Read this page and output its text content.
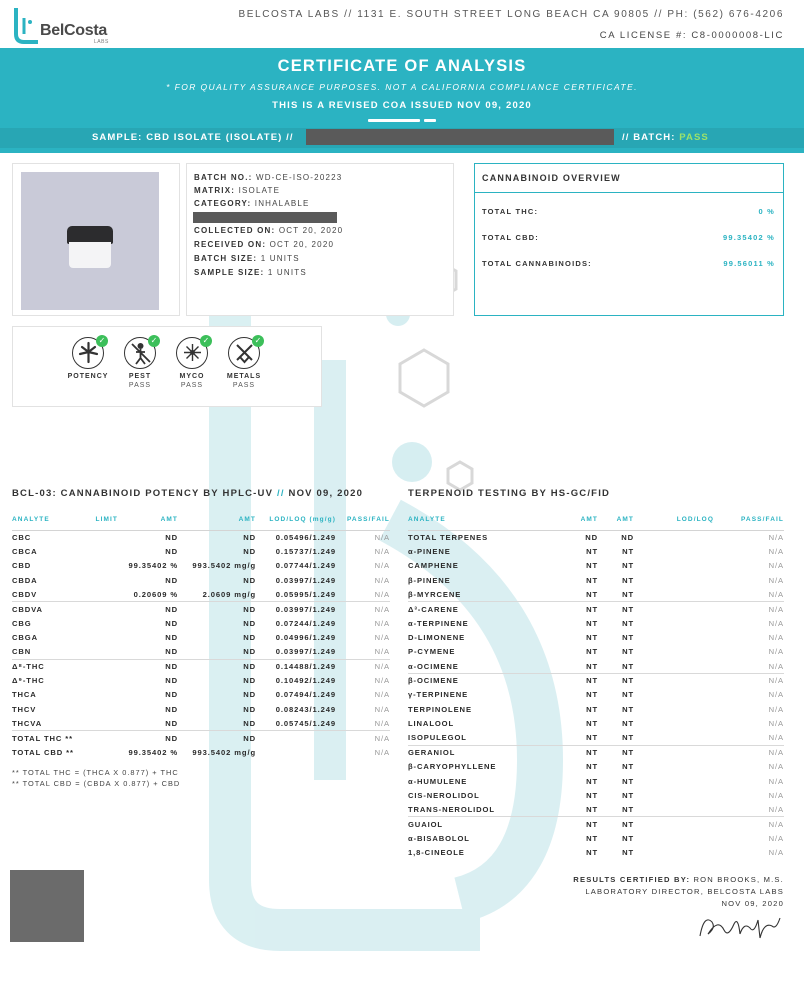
BelCosta
LABS
BELCOSTA LABS // 1131 E. SOUTH STREET LONG BEACH CA 90805 // PH: (562) 676-4206
CA LICENSE #: C8-0000008-LIC
CERTIFICATE OF ANALYSIS
* FOR QUALITY ASSURANCE PURPOSES. NOT A CALIFORNIA COMPLIANCE CERTIFICATE.
THIS IS A REVISED COA ISSUED NOV 09, 2020
SAMPLE: CBD ISOLATE (ISOLATE) //	// BATCH: PASS
BATCH NO.: WD-CE-ISO-20223
MATRIX: ISOLATE
CATEGORY: INHALABLE
COLLECTED ON: OCT 20, 2020
RECEIVED ON: OCT 20, 2020
BATCH SIZE: 1 UNITS
SAMPLE SIZE: 1 UNITS
CANNABINOID OVERVIEW
TOTAL THC:	0 %
TOTAL CBD:	99.35402 %
TOTAL CANNABINOIDS:	99.56011 %
✓
POTENCY
✓
PEST
PASS
✓
MYCO
PASS
✓
METALS
PASS
BCL-03: CANNABINOID POTENCY BY HPLC-UV // NOV 09, 2020	TERPENOID TESTING BY HS-GC/FID
ANALYTE	LIMIT	AMT	AMT	LOD/LOQ (mg/g)	PASS/FAIL
CBC		ND	ND	0.05496/1.249	N/A
CBCA		ND	ND	0.15737/1.249	N/A
CBD		99.35402 %	993.5402 mg/g	0.07744/1.249	N/A
CBDA		ND	ND	0.03997/1.249	N/A
CBDV		0.20609 %	2.0609 mg/g	0.05995/1.249	N/A
CBDVA		ND	ND	0.03997/1.249	N/A
CBG		ND	ND	0.07244/1.249	N/A
CBGA		ND	ND	0.04996/1.249	N/A
CBN		ND	ND	0.03997/1.249	N/A
Δ⁸-THC		ND	ND	0.14488/1.249	N/A
Δ⁹-THC		ND	ND	0.10492/1.249	N/A
THCA		ND	ND	0.07494/1.249	N/A
THCV		ND	ND	0.08243/1.249	N/A
THCVA		ND	ND	0.05745/1.249	N/A
TOTAL THC **		ND	ND		N/A
TOTAL CBD **		99.35402 %	993.5402 mg/g		N/A
ANALYTE	AMT	AMT	LOD/LOQ	PASS/FAIL
TOTAL TERPENES	ND	ND		N/A
α-PINENE	NT	NT		N/A
CAMPHENE	NT	NT		N/A
β-PINENE	NT	NT		N/A
β-MYRCENE	NT	NT		N/A
Δ³-CARENE	NT	NT		N/A
α-TERPINENE	NT	NT		N/A
D-LIMONENE	NT	NT		N/A
P-CYMENE	NT	NT		N/A
α-OCIMENE	NT	NT		N/A
β-OCIMENE	NT	NT		N/A
γ-TERPINENE	NT	NT		N/A
TERPINOLENE	NT	NT		N/A
LINALOOL	NT	NT		N/A
ISOPULEGOL	NT	NT		N/A
GERANIOL	NT	NT		N/A
β-CARYOPHYLLENE	NT	NT		N/A
α-HUMULENE	NT	NT		N/A
CIS-NEROLIDOL	NT	NT		N/A
TRANS-NEROLIDOL	NT	NT		N/A
GUAIOL	NT	NT		N/A
α-BISABOLOL	NT	NT		N/A
1,8-CINEOLE	NT	NT		N/A
** TOTAL THC = (THCA X 0.877) + THC
** TOTAL CBD = (CBDA X 0.877) + CBD
RESULTS CERTIFIED BY: RON BROOKS, M.S.
LABORATORY DIRECTOR, BELCOSTA LABS
NOV 09, 2020
